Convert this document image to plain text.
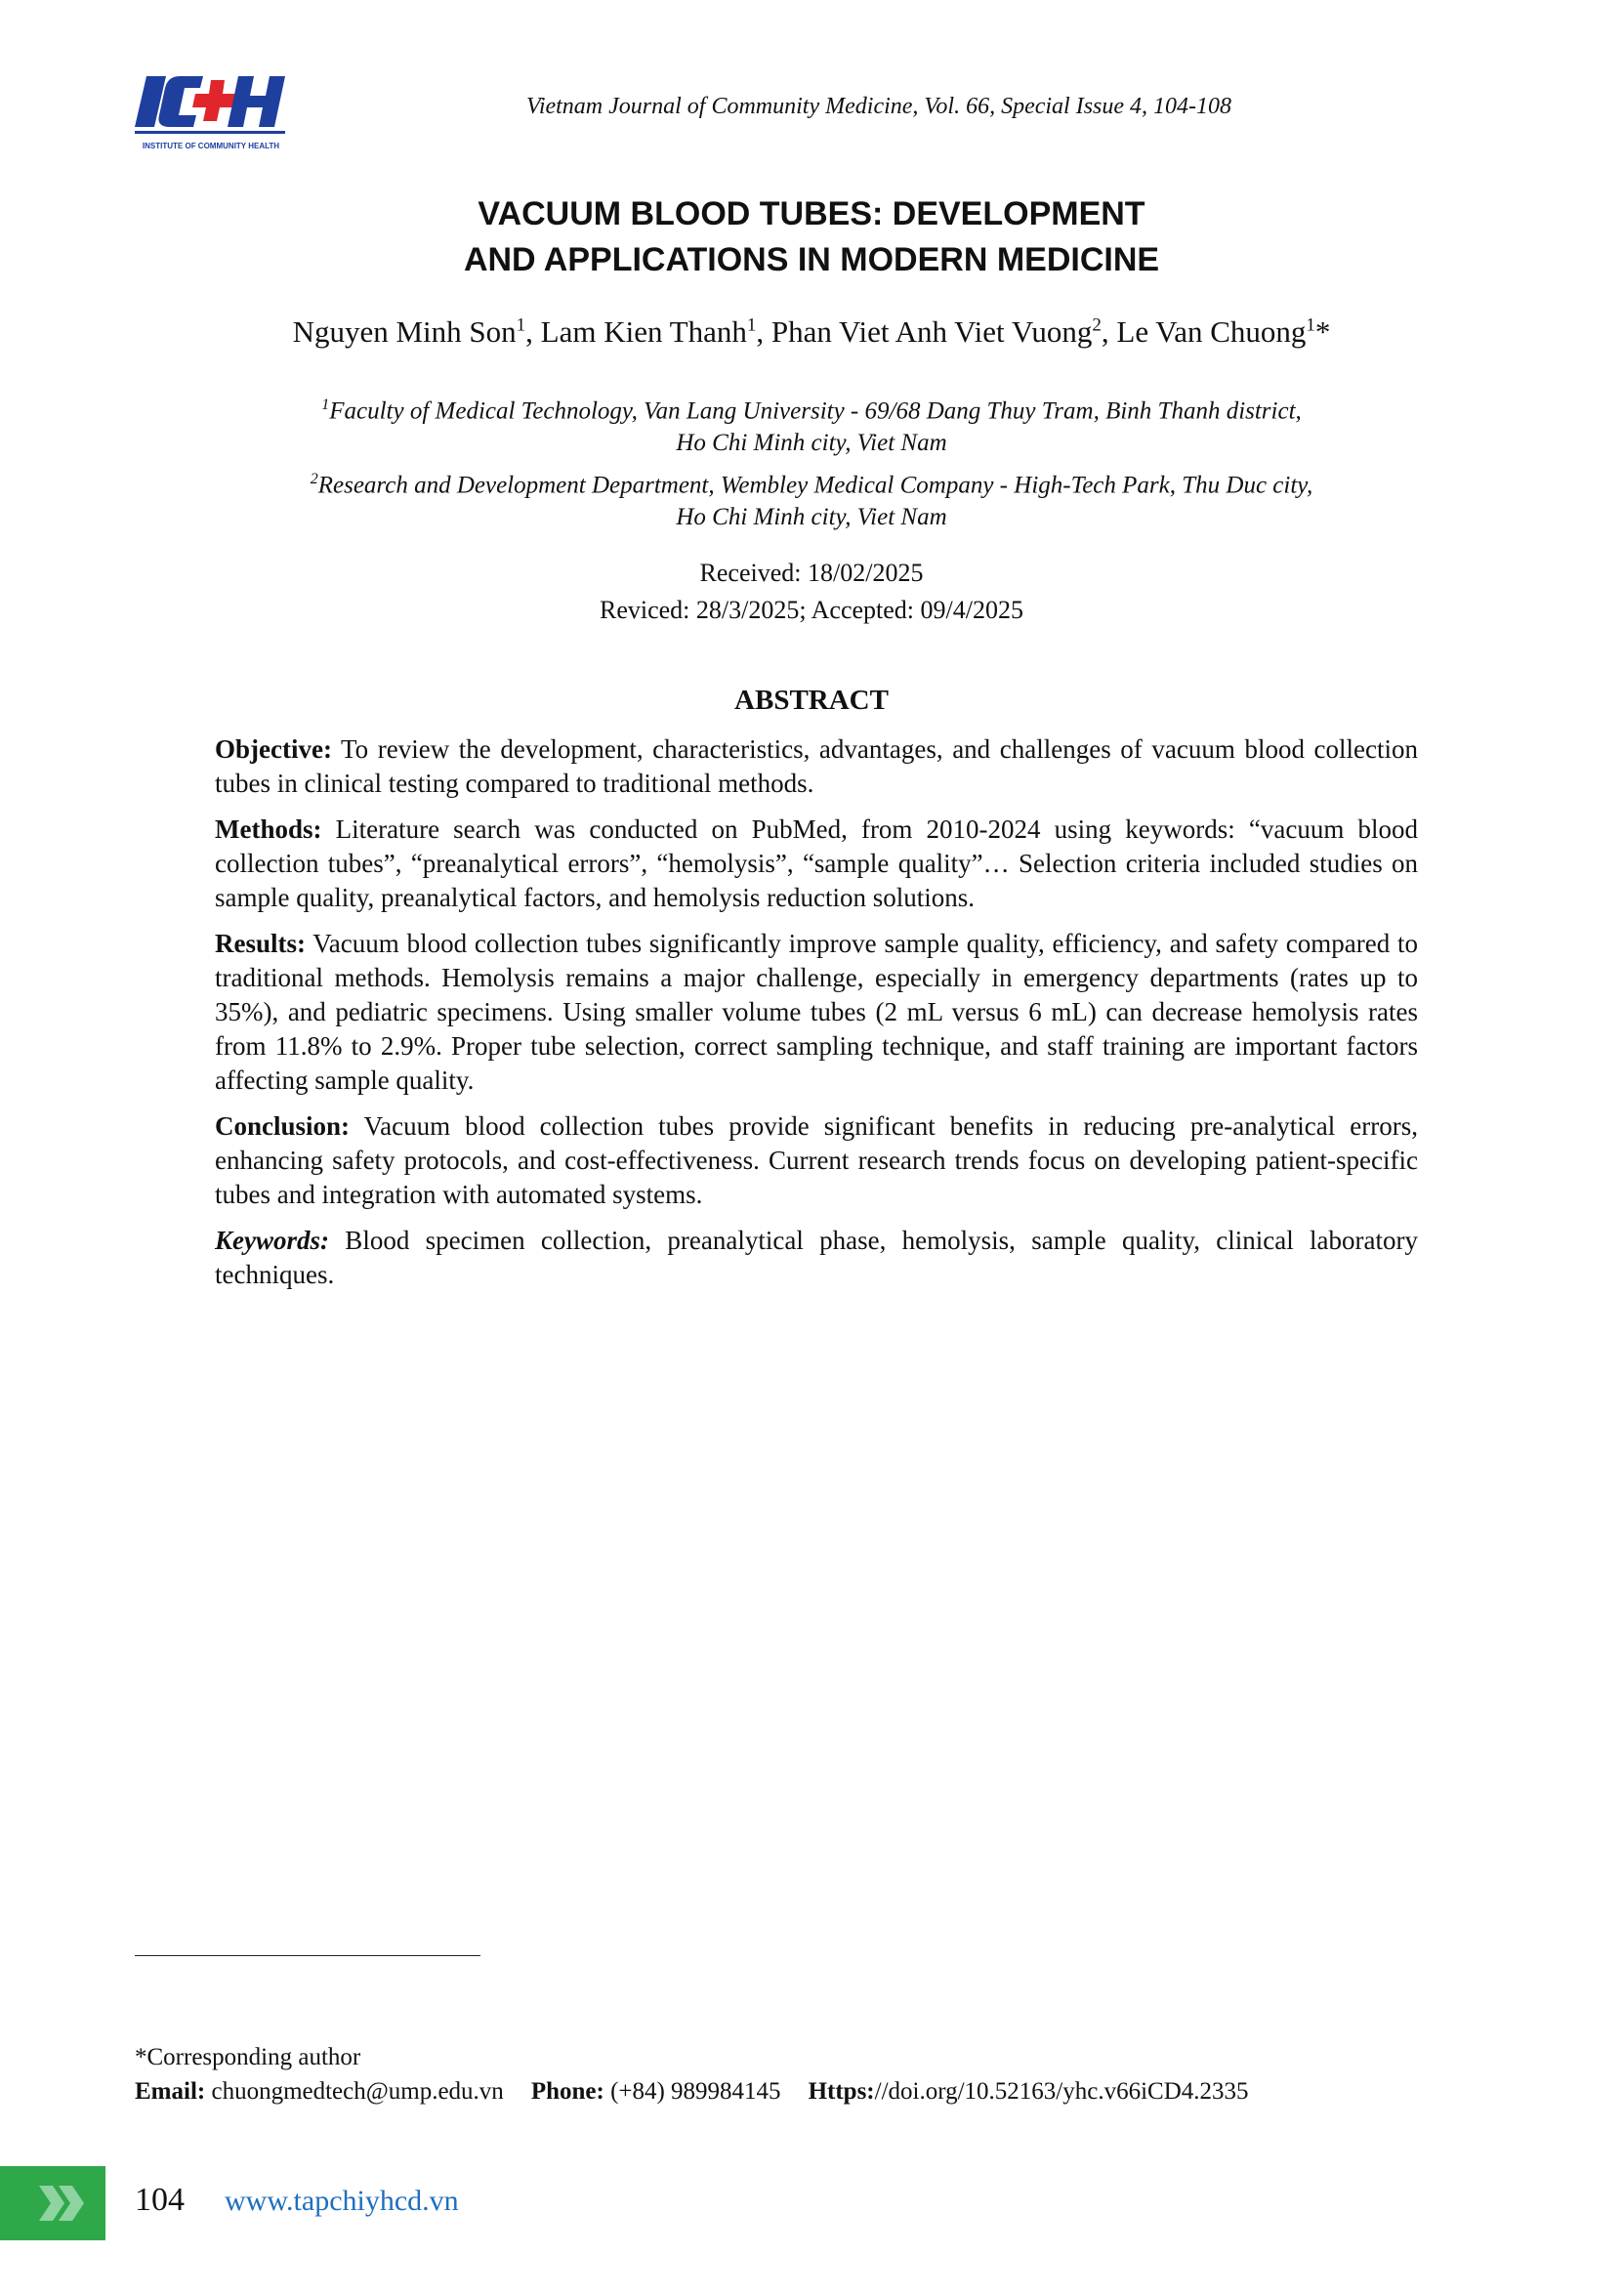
INSTITUTE OF COMMUNITY HEALTH
Vietnam Journal of Community Medicine, Vol. 66, Special Issue 4, 104-108
VACUUM BLOOD TUBES: DEVELOPMENT
AND APPLICATIONS IN MODERN MEDICINE
Nguyen Minh Son$^1$, Lam Kien Thanh$^1$, Phan Viet Anh Viet Vuong$^2$, Le Van Chuong$^1$*
$^1$Faculty of Medical Technology, Van Lang University - 69/68 Dang Thuy Tram, Binh Thanh district,
Ho Chi Minh city, Viet Nam
$^2$Research and Development Department, Wembley Medical Company - High-Tech Park, Thu Duc city,
Ho Chi Minh city, Viet Nam
Received: 18/02/2025
Reviced: 28/3/2025; Accepted: 09/4/2025
ABSTRACT

Objective: To review the development, characteristics, advantages, and challenges of vacuum blood collection tubes in clinical testing compared to traditional methods.

Methods: Literature search was conducted on PubMed, from 2010-2024 using keywords: “vacuum blood collection tubes”, “preanalytical errors”, “hemolysis”, “sample quality”… Selection criteria included studies on sample quality, preanalytical factors, and hemolysis reduction solutions.

Results: Vacuum blood collection tubes significantly improve sample quality, efficiency, and safety compared to traditional methods. Hemolysis remains a major challenge, especially in emergency departments (rates up to 35%), and pediatric specimens. Using smaller volume tubes (2 mL versus 6 mL) can decrease hemolysis rates from 11.8% to 2.9%. Proper tube selection, correct sampling technique, and staff training are important factors affecting sample quality.

Conclusion: Vacuum blood collection tubes provide significant benefits in reducing pre-analytical errors, enhancing safety protocols, and cost-effectiveness. Current research trends focus on developing patient-specific tubes and integration with automated systems.

Keywords: Blood specimen collection, preanalytical phase, hemolysis, sample quality, clinical laboratory techniques.

*Corresponding author
Email: chuongmedtech@ump.edu.vn Phone: (+84) 989984145 Https://doi.org/10.52163/yhc.v66iCD4.2335
104 www.tapchiyhcd.vn
